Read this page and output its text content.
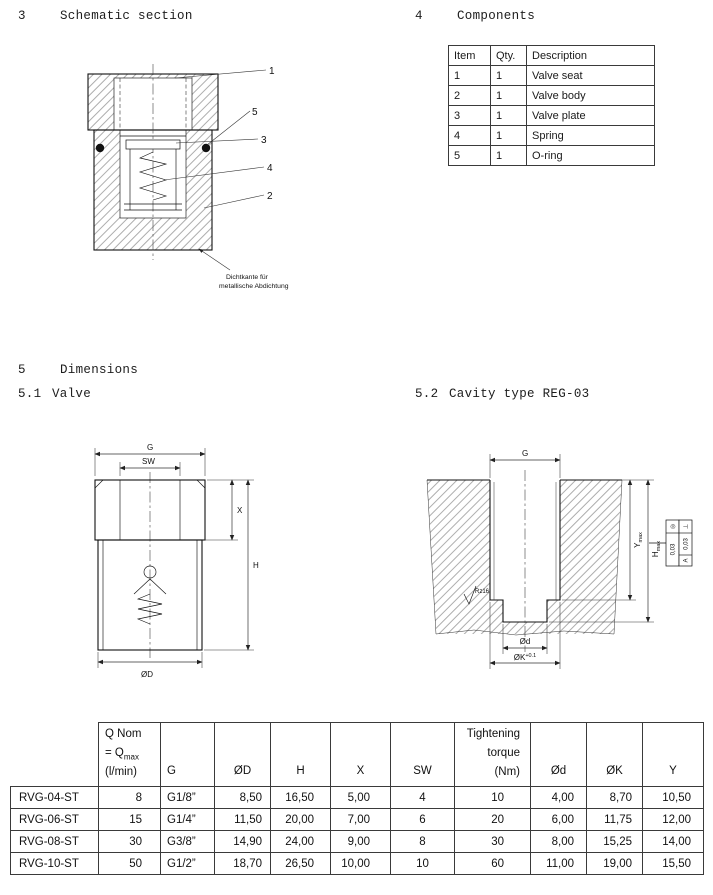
3	Schematic section	4	Components
5	Dimensions
5.1 Valve	5.2 Cavity type REG-03
Item	Qty.	Description
1	1	Valve seat
2	1	Valve body
3	1	Valve plate
4	1	Spring
5	1	O-ring
1
5
3
4
2
Dichtkante für
metallische Abdichtung
G
SW
X
H
ØD
G
$Y_{max}$
$H_{max}$
Rz16
Ød
$ØK^{+0.1}$
◎
0,03
⊥
0,03
A

Q Nom
= $Q_{max}$
(l/min)	G	ØD	H	X	SW	
Tightening
torque
(Nm)	Ød	ØK	Y
RVG-04-ST	8	G1/8”	8,50	16,50	5,00	4	10	4,00	8,70	10,50
RVG-06-ST	15	G1/4”	11,50	20,00	7,00	6	20	6,00	11,75	12,00
RVG-08-ST	30	G3/8”	14,90	24,00	9,00	8	30	8,00	15,25	14,00
RVG-10-ST	50	G1/2”	18,70	26,50	10,00	10	60	11,00	19,00	15,50
